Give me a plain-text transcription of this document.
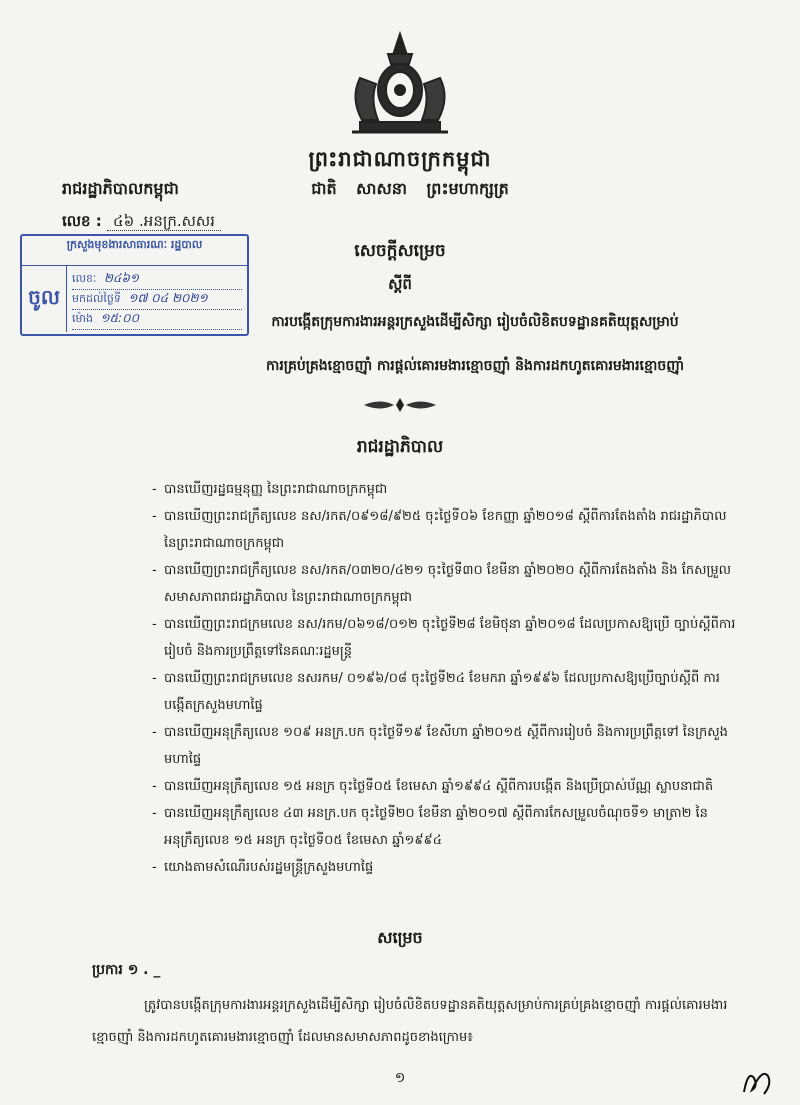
ព្រះរាជាណាចក្រកម្ពុជា
ជាតិ សាសនា ព្រះមហាក្សត្រ
រាជរដ្ឋាភិបាលកម្ពុជា
លេខ : ៤៦ .អនក្រ.សសរ
ក្រសួងមុខងារសាធារណៈ រដ្ឋបាល
ចូល
លេខៈ ២៤៦១
មកដល់ថ្ងៃទី ១៧ ០៤ ២០២១
ម៉ោង ១៥:០០
សេចក្ដីសម្រេច
ស្ដីពី
ការបង្កើតក្រុមការងារអន្តរក្រសួងដើម្បីសិក្សា រៀបចំលិខិតបទដ្ឋានគតិយុត្តសម្រាប់
ការគ្រប់គ្រងខ្មោចញ៉ាំ ការផ្ដល់គោរមងារខ្មោចញ៉ាំ និងការដកហូតគោរមងារខ្មោចញ៉ាំ
រាជរដ្ឋាភិបាល
- បានឃើញរដ្ឋធម្មនុញ្ញ នៃព្រះរាជាណាចក្រកម្ពុជា
- បានឃើញព្រះរាជក្រឹត្យលេខ នស/រកត/០៩១៨/៩២៥ ចុះថ្ងៃទី០៦ ខែកញ្ញា ឆ្នាំ២០១៨ ស្ដីពីការតែងតាំង រាជរដ្ឋាភិបាល នៃព្រះរាជាណាចក្រកម្ពុជា
- បានឃើញព្រះរាជក្រឹត្យលេខ នស/រកត/០៣២០/៤២១ ចុះថ្ងៃទី៣០ ខែមីនា ឆ្នាំ២០២០ ស្ដីពីការតែងតាំង និង កែសម្រួលសមាសភាពរាជរដ្ឋាភិបាល នៃព្រះរាជាណាចក្រកម្ពុជា
- បានឃើញព្រះរាជក្រមលេខ នស/រកម/០៦១៨/០១២ ចុះថ្ងៃទី២៨ ខែមិថុនា ឆ្នាំ២០១៨ ដែលប្រកាសឱ្យប្រើ ច្បាប់ស្ដីពីការរៀបចំ និងការប្រព្រឹត្តទៅនៃគណៈរដ្ឋមន្ត្រី
- បានឃើញព្រះរាជក្រមលេខ នសរកម/ ០១៩៦/០៨ ចុះថ្ងៃទី២៤ ខែមករា ឆ្នាំ១៩៩៦ ដែលប្រកាសឱ្យប្រើច្បាប់ស្ដីពី ការបង្កើតក្រសួងមហាផ្ទៃ
- បានឃើញអនុក្រឹត្យលេខ ១០៩ អនក្រ.បក ចុះថ្ងៃទី១៩ ខែសីហា ឆ្នាំ២០១៥ ស្ដីពីការរៀបចំ និងការប្រព្រឹត្តទៅ នៃក្រសួងមហាផ្ទៃ
- បានឃើញអនុក្រឹត្យលេខ ១៥ អនក្រ ចុះថ្ងៃទី០៥ ខែមេសា ឆ្នាំ១៩៩៤ ស្ដីពីការបង្កើត និងប្រើប្រាស់ប័ណ្ណ ស្លាបនាជាតិ
- បានឃើញអនុក្រឹត្យលេខ ៤៣ អនក្រ.បក ចុះថ្ងៃទី២០ ខែមីនា ឆ្នាំ២០១៧ ស្ដីពីការកែសម្រួលចំណុចទី១ មាត្រា២ នៃអនុក្រឹត្យលេខ ១៥ អនក្រ ចុះថ្ងៃទី០៥ ខែមេសា ឆ្នាំ១៩៩៤
- យោងតាមសំណើរបស់រដ្ឋមន្ត្រីក្រសួងមហាផ្ទៃ
សម្រេច
ប្រការ ១ . _
ត្រូវបានបង្កើតក្រុមការងារអន្តរក្រសួងដើម្បីសិក្សា រៀបចំលិខិតបទដ្ឋានគតិយុត្តសម្រាប់ការគ្រប់គ្រងខ្មោចញ៉ាំ ការផ្ដល់គោរមងារខ្មោចញ៉ាំ និងការដកហូតគោរមងារខ្មោចញ៉ាំ ដែលមានសមាសភាពដូចខាងក្រោម៖
១
